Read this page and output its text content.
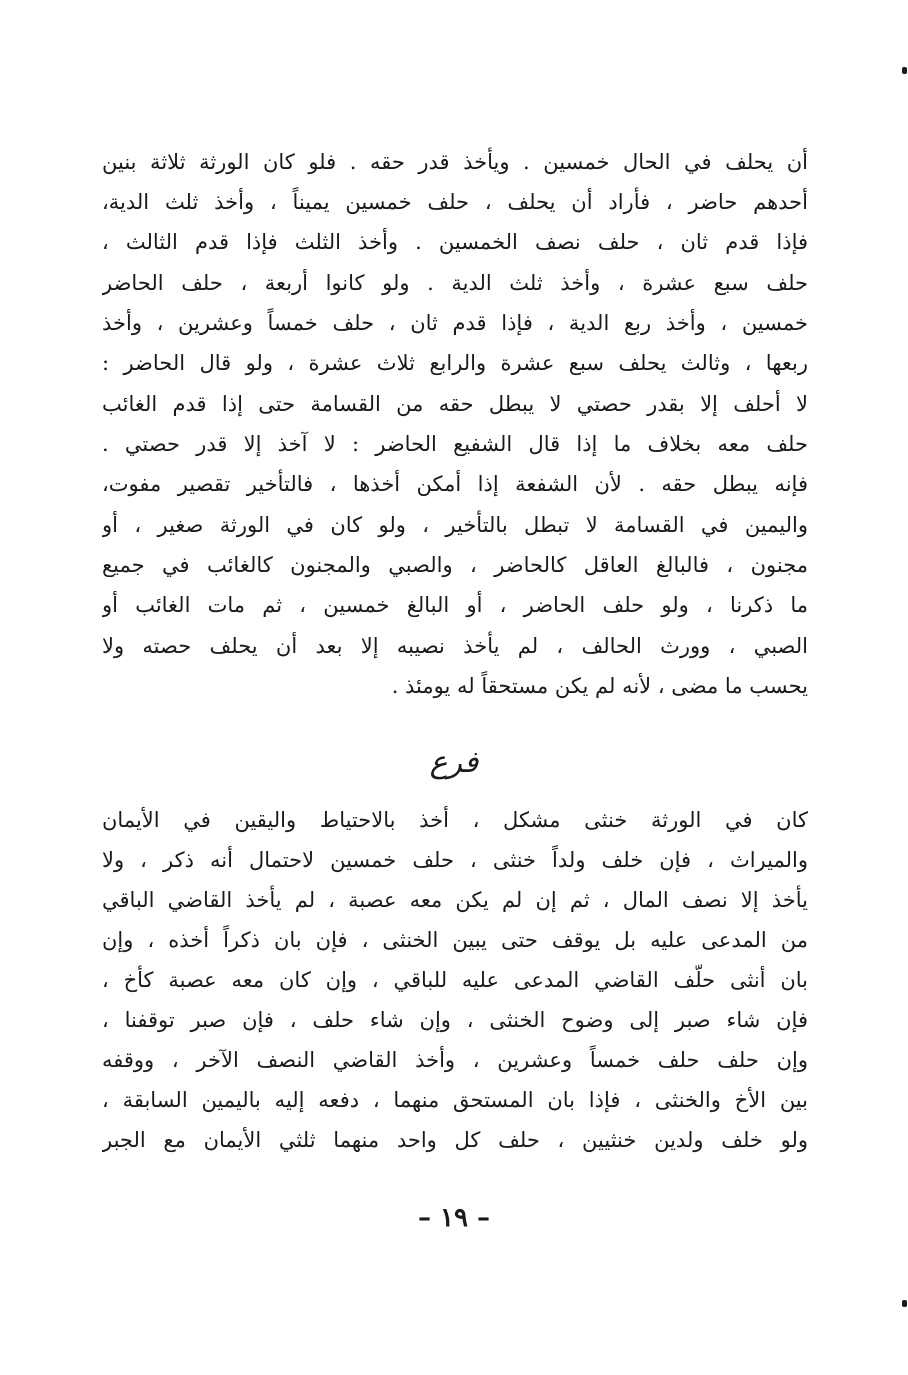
أن يحلف في الحال خمسين . ويأخذ قدر حقه . فلو كان الورثة ثلاثة بنين
أحدهم حاضر ، فأراد أن يحلف ، حلف خمسين يميناً ، وأخذ ثلث الدية،
فإذا قدم ثان ، حلف نصف الخمسين . وأخذ الثلث فإذا قدم الثالث ،
حلف سبع عشرة ، وأخذ ثلث الدية . ولو كانوا أربعة ، حلف الحاضر
خمسين ، وأخذ ربع الدية ، فإذا قدم ثان ، حلف خمساً وعشرين ، وأخذ
ربعها ، وثالث يحلف سبع عشرة والرابع ثلاث عشرة ، ولو قال الحاضر :
لا أحلف إلا بقدر حصتي لا يبطل حقه من القسامة حتى إذا قدم الغائب
حلف معه بخلاف ما إذا قال الشفيع الحاضر : لا آخذ إلا قدر حصتي .
فإنه يبطل حقه . لأن الشفعة إذا أمكن أخذها ، فالتأخير تقصير مفوت،
واليمين في القسامة لا تبطل بالتأخير ، ولو كان في الورثة صغير ، أو
مجنون ، فالبالغ العاقل كالحاضر ، والصبي والمجنون كالغائب في جميع
ما ذكرنا ، ولو حلف الحاضر ، أو البالغ خمسين ، ثم مات الغائب أو
الصبي ، وورث الحالف ، لم يأخذ نصيبه إلا بعد أن يحلف حصته ولا
يحسب ما مضى ، لأنه لم يكن مستحقاً له يومئذ .
فرع
كان في الورثة خنثى مشكل ، أخذ بالاحتياط واليقين في الأيمان
والميراث ، فإن خلف ولداً خنثى ، حلف خمسين لاحتمال أنه ذكر ، ولا
يأخذ إلا نصف المال ، ثم إن لم يكن معه عصبة ، لم يأخذ القاضي الباقي
من المدعى عليه بل يوقف حتى يبين الخنثى ، فإن بان ذكراً أخذه ، وإن
بان أنثى حلّف القاضي المدعى عليه للباقي ، وإن كان معه عصبة كأخ ،
فإن شاء صبر إلى وضوح الخنثى ، وإن شاء حلف ، فإن صبر توقفنا ،
وإن حلف حلف خمساً وعشرين ، وأخذ القاضي النصف الآخر ، ووقفه
بين الأخ والخنثى ، فإذا بان المستحق منهما ، دفعه إليه باليمين السابقة ،
ولو خلف ولدين خنثيين ، حلف كل واحد منهما ثلثي الأيمان مع الجبر
– ١٩ –
